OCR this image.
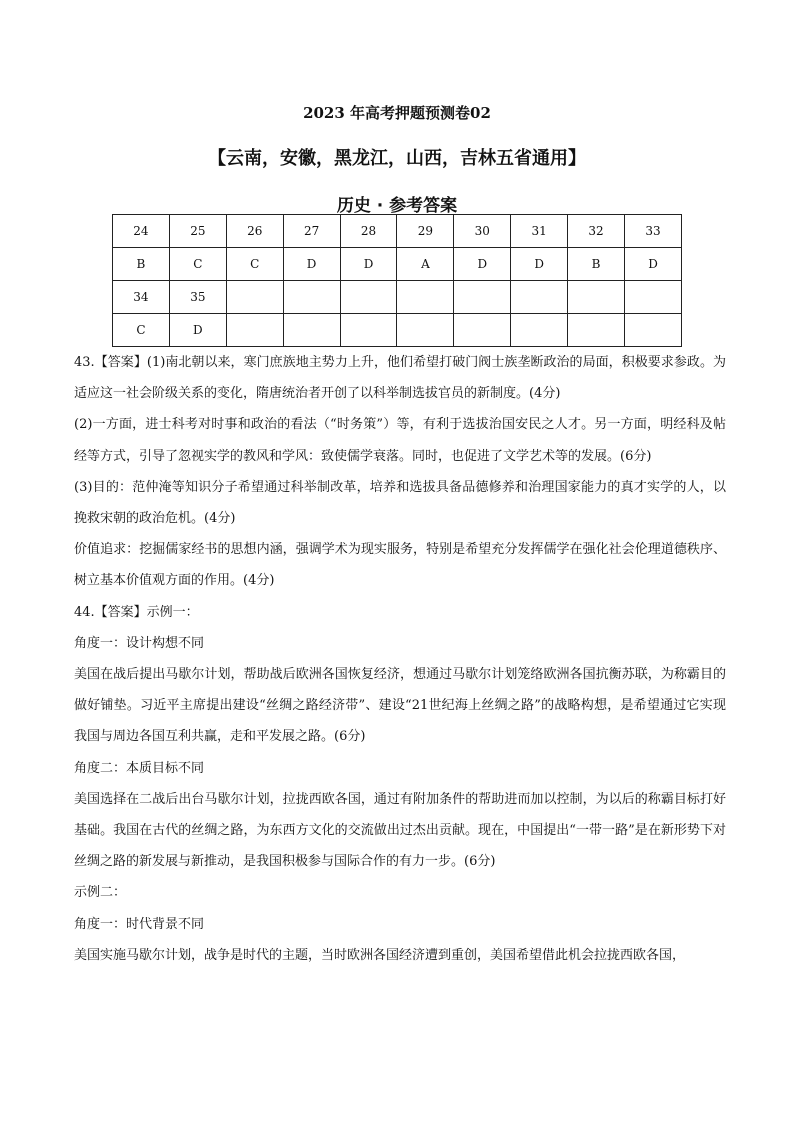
2023 年高考押题预测卷02
【云南，安徽，黑龙江，山西，吉林五省通用】
历史 · 参考答案
24	25	26	27	28	29	30	31	32	33
B	C	C	D	D	A	D	D	B	D
34	35								
C	D								

43.【答案】(1)南北朝以来，寒门庶族地主势力上升，他们希望打破门阀士族垄断政治的局面，积极要求参政。为适应这一社会阶级关系的变化，隋唐统治者开创了以科举制选拔官员的新制度。(4分)

(2)一方面，进士科考对时事和政治的看法（“时务策”）等，有利于选拔治国安民之人才。另一方面，明经科及帖经等方式，引导了忽视实学的教风和学风：致使儒学衰落。同时，也促进了文学艺术等的发展。(6分)

(3)目的：范仲淹等知识分子希望通过科举制改革，培养和选拔具备品德修养和治理国家能力的真才实学的人，以挽救宋朝的政治危机。(4分)

价值追求：挖掘儒家经书的思想内涵，强调学术为现实服务，特别是希望充分发挥儒学在强化社会伦理道德秩序、树立基本价值观方面的作用。(4分)

44.【答案】示例一：

角度一：设计构想不同

美国在战后提出马歇尔计划，帮助战后欧洲各国恢复经济，想通过马歇尔计划笼络欧洲各国抗衡苏联，为称霸目的做好铺垫。习近平主席提出建设“丝绸之路经济带”、建设“21世纪海上丝绸之路”的战略构想，是希望通过它实现我国与周边各国互利共赢，走和平发展之路。(6分)

角度二：本质目标不同

美国选择在二战后出台马歇尔计划，拉拢西欧各国，通过有附加条件的帮助进而加以控制，为以后的称霸目标打好基础。我国在古代的丝绸之路，为东西方文化的交流做出过杰出贡献。现在，中国提出“一带一路”是在新形势下对丝绸之路的新发展与新推动，是我国积极参与国际合作的有力一步。(6分)

示例二：

角度一：时代背景不同

美国实施马歇尔计划，战争是时代的主题，当时欧洲各国经济遭到重创，美国希望借此机会拉拢西欧各国，
